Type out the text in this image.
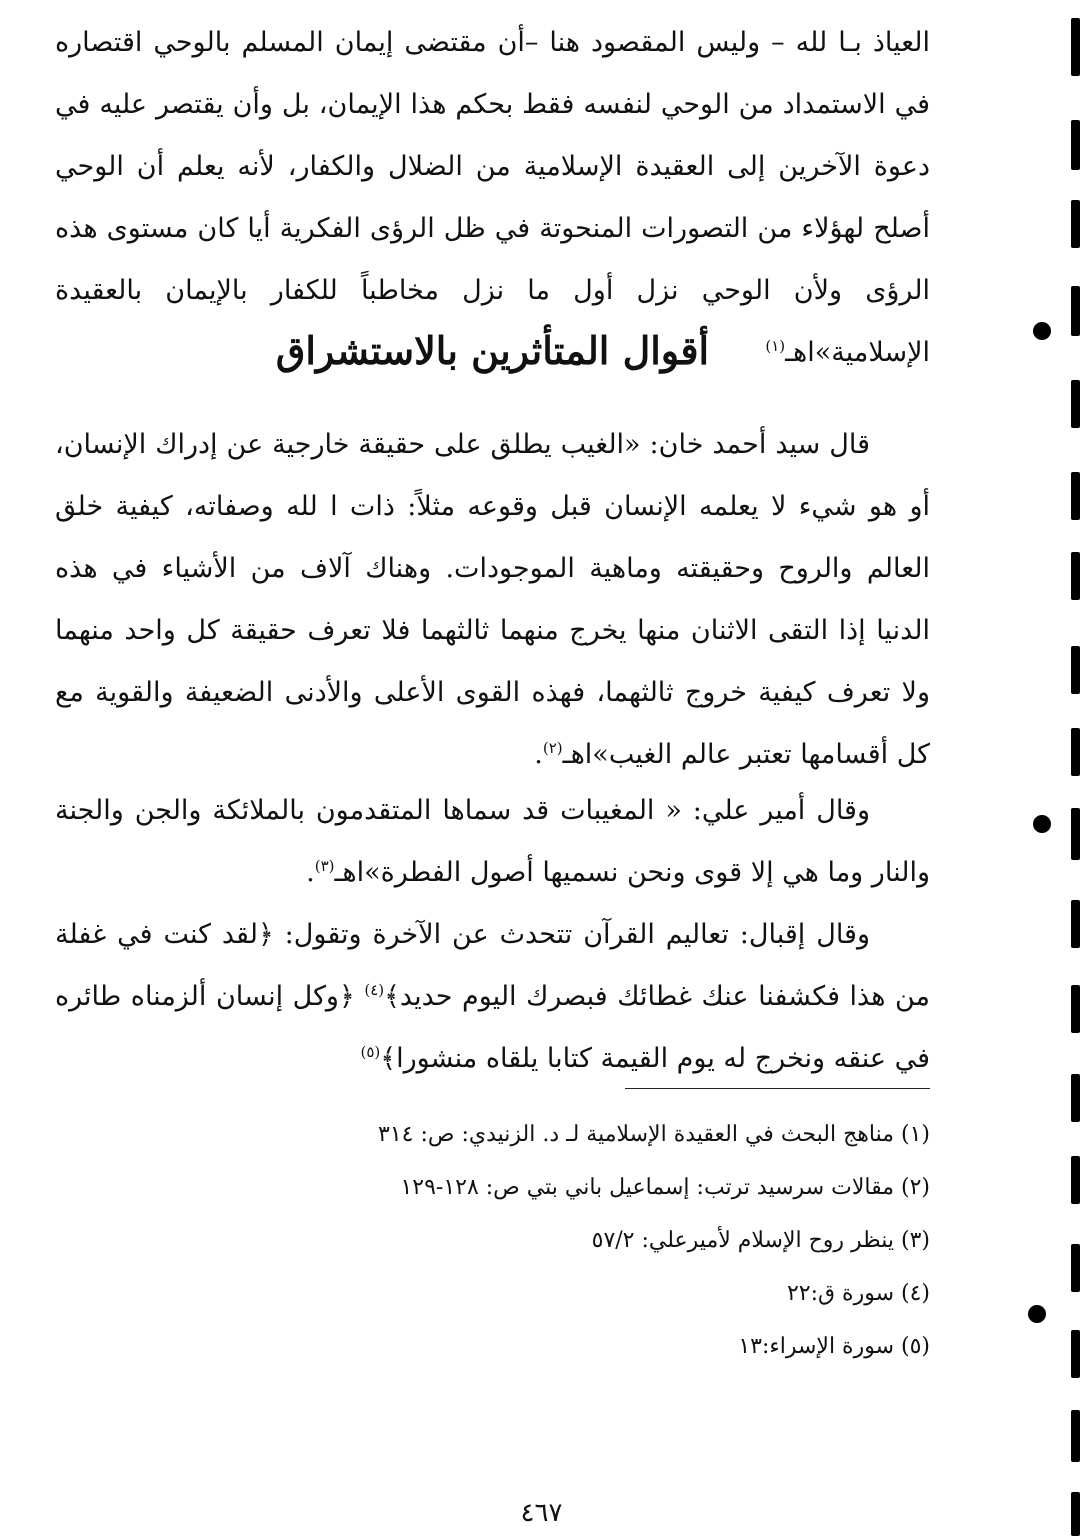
العياذ بـا لله – وليس المقصود هنا –أن مقتضى إيمان المسلم بالوحي اقتصاره في الاستمداد من الوحي لنفسه فقط بحكم هذا الإيمان، بل وأن يقتصر عليه في دعوة الآخرين إلى العقيدة الإسلامية من الضلال والكفار، لأنه يعلم أن الوحي أصلح لهؤلاء من التصورات المنحوتة في ظل الرؤى الفكرية أيا كان مستوى هذه الرؤى ولأن الوحي نزل أول ما نزل مخاطباً للكفار بالإيمان بالعقيدة الإسلامية»اهـ$^{(١)}$

أقوال المتأثرين بالاستشراق

قال سيد أحمد خان: «الغيب يطلق على حقيقة خارجية عن إدراك الإنسان، أو هو شيء لا يعلمه الإنسان قبل وقوعه مثلاً: ذات ا لله وصفاته، كيفية خلق العالم والروح وحقيقته وماهية الموجودات. وهناك آلاف من الأشياء في هذه الدنيا إذا التقى الاثنان منها يخرج منهما ثالثهما فلا تعرف حقيقة كل واحد منهما ولا تعرف كيفية خروج ثالثهما، فهذه القوى الأعلى والأدنى الضعيفة والقوية مع كل أقسامها تعتبر عالم الغيب»اهـ$^{(٢)}$.

وقال أمير علي: « المغيبات قد سماها المتقدمون بالملائكة والجن والجنة والنار وما هي إلا قوى ونحن نسميها أصول الفطرة»اهـ$^{(٣)}$.

وقال إقبال: تعاليم القرآن تتحدث عن الآخرة وتقول: ﴿لقد كنت في غفلة من هذا فكشفنا عنك غطائك فبصرك اليوم حديد﴾$^{(٤)}$ ﴿وكل إنسان ألزمناه طائره في عنقه ونخرج له يوم القيمة كتابا يلقاه منشورا﴾$^{(٥)}$

(١) مناهج البحث في العقيدة الإسلامية لـ د. الزنيدي: ص: ٣١٤
(٢) مقالات سرسيد ترتب: إسماعيل باني بتي ص: ١٢٨-١٢٩
(٣) ينظر روح الإسلام لأميرعلي: ٥٧/٢
(٤) سورة ق:٢٢
(٥) سورة الإسراء:١٣
٤٦٧
